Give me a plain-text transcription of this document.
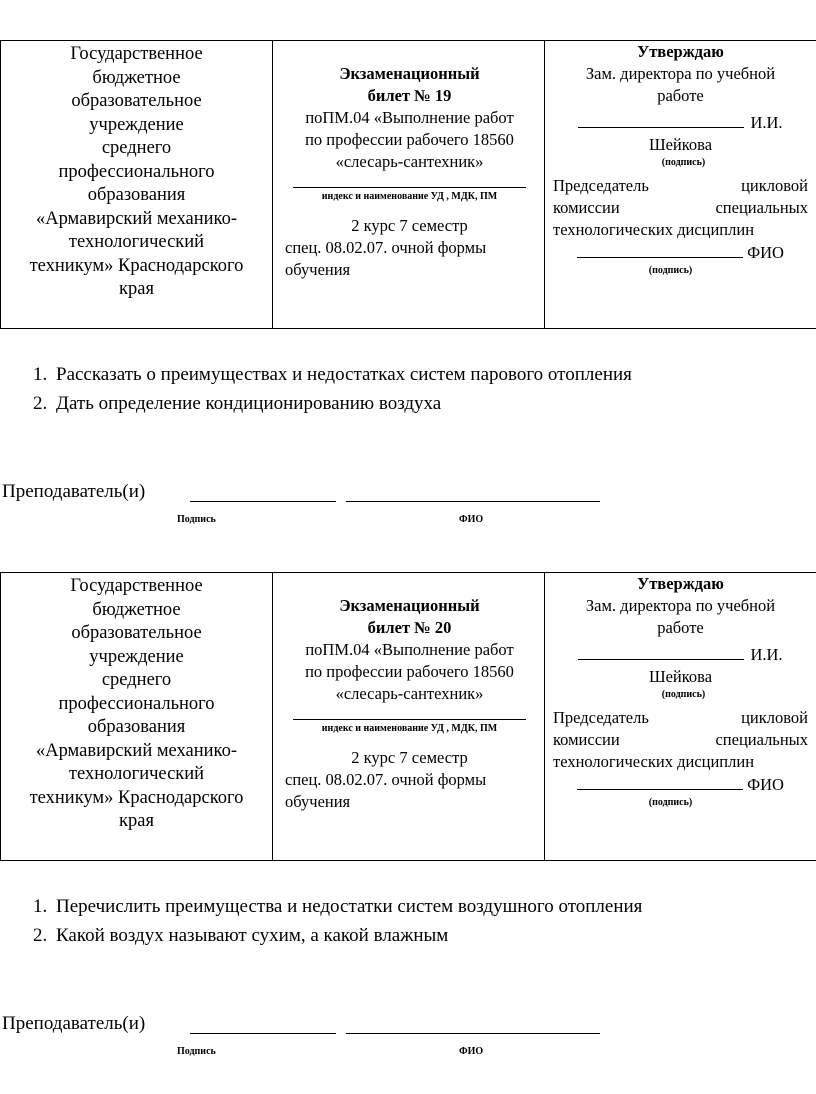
Государственное
бюджетное
образовательное
учреждение
среднего
профессионального
образования
«Армавирский механико-
технологический
техникум» Краснодарского
края

Экзаменационный
билет № 19
поПМ.04 «Выполнение работ
по профессии рабочего 18560
«слесарь-сантехник»
индекс и наименование УД , МДК, ПМ
2 курс 7 семестр
спец. 08.02.07. очной формы
обучения

Утверждаю
Зам. директора по учебной
работе
И.И.
Шейкова
(подпись)
Председатель	цикловой
комиссии	специальных
технологических дисциплин
ФИО
(подпись)
1. Рассказать о преимуществах и недостатках систем парового отопления
2. Дать определение кондиционированию воздуха
Преподаватель(и)
Подпись	ФИО
Государственное
бюджетное
образовательное
учреждение
среднего
профессионального
образования
«Армавирский механико-
технологический
техникум» Краснодарского
края

Экзаменационный
билет № 20
поПМ.04 «Выполнение работ
по профессии рабочего 18560
«слесарь-сантехник»
индекс и наименование УД , МДК, ПМ
2 курс 7 семестр
спец. 08.02.07. очной формы
обучения

Утверждаю
Зам. директора по учебной
работе
И.И.
Шейкова
(подпись)
Председатель	цикловой
комиссии	специальных
технологических дисциплин
ФИО
(подпись)
1. Перечислить преимущества и недостатки систем воздушного отопления
2. Какой воздух называют сухим, а какой влажным
Преподаватель(и)
Подпись	ФИО
